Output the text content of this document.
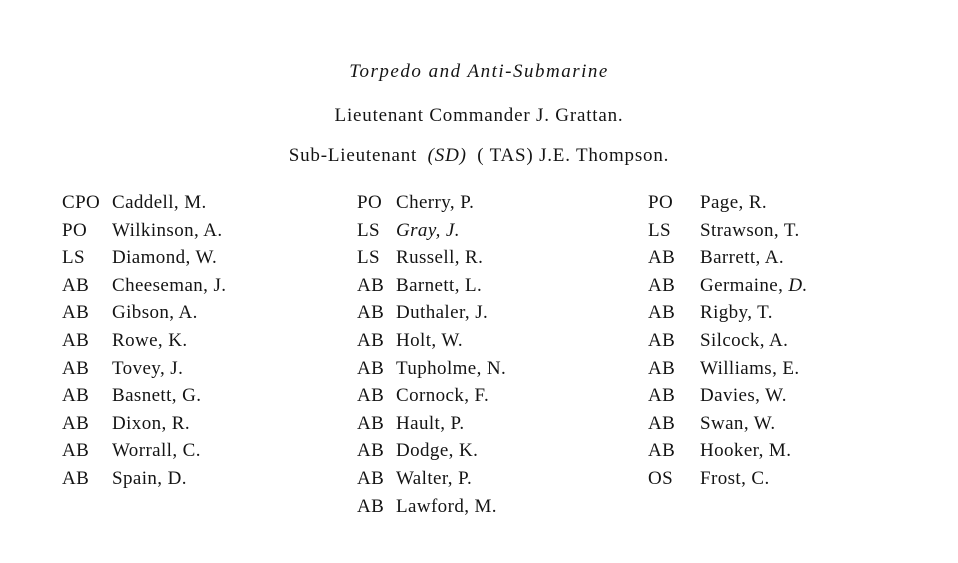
Torpedo and Anti-Submarine
Lieutenant Commander J. Grattan.
Sub-Lieutenant (SD) ( TAS) J.E. Thompson.
CPO Caddell, M.
PO	Wilkinson, A.
LS	Diamond, W.
AB	Cheeseman, J.
AB	Gibson, A.
AB	Rowe, K.
AB	Tovey, J.
AB	Basnett, G.
AB	Dixon, R.
AB	Worrall, C.
AB	Spain, D.
PO Cherry, P.
LS Gray, J.
LS Russell, R.
AB Barnett, L.
AB Duthaler, J.
AB Holt, W.
AB Tupholme, N.
AB Cornock, F.
AB Hault, P.
AB Dodge, K.
AB Walter, P.
AB Lawford, M.
PO	Page, R.
LS	Strawson, T.
AB	Barrett, A.
AB	Germaine, D.
AB	Rigby, T.
AB	Silcock, A.
AB	Williams, E.
AB	Davies, W.
AB	Swan, W.
AB	Hooker, M.
OS	Frost, C.
